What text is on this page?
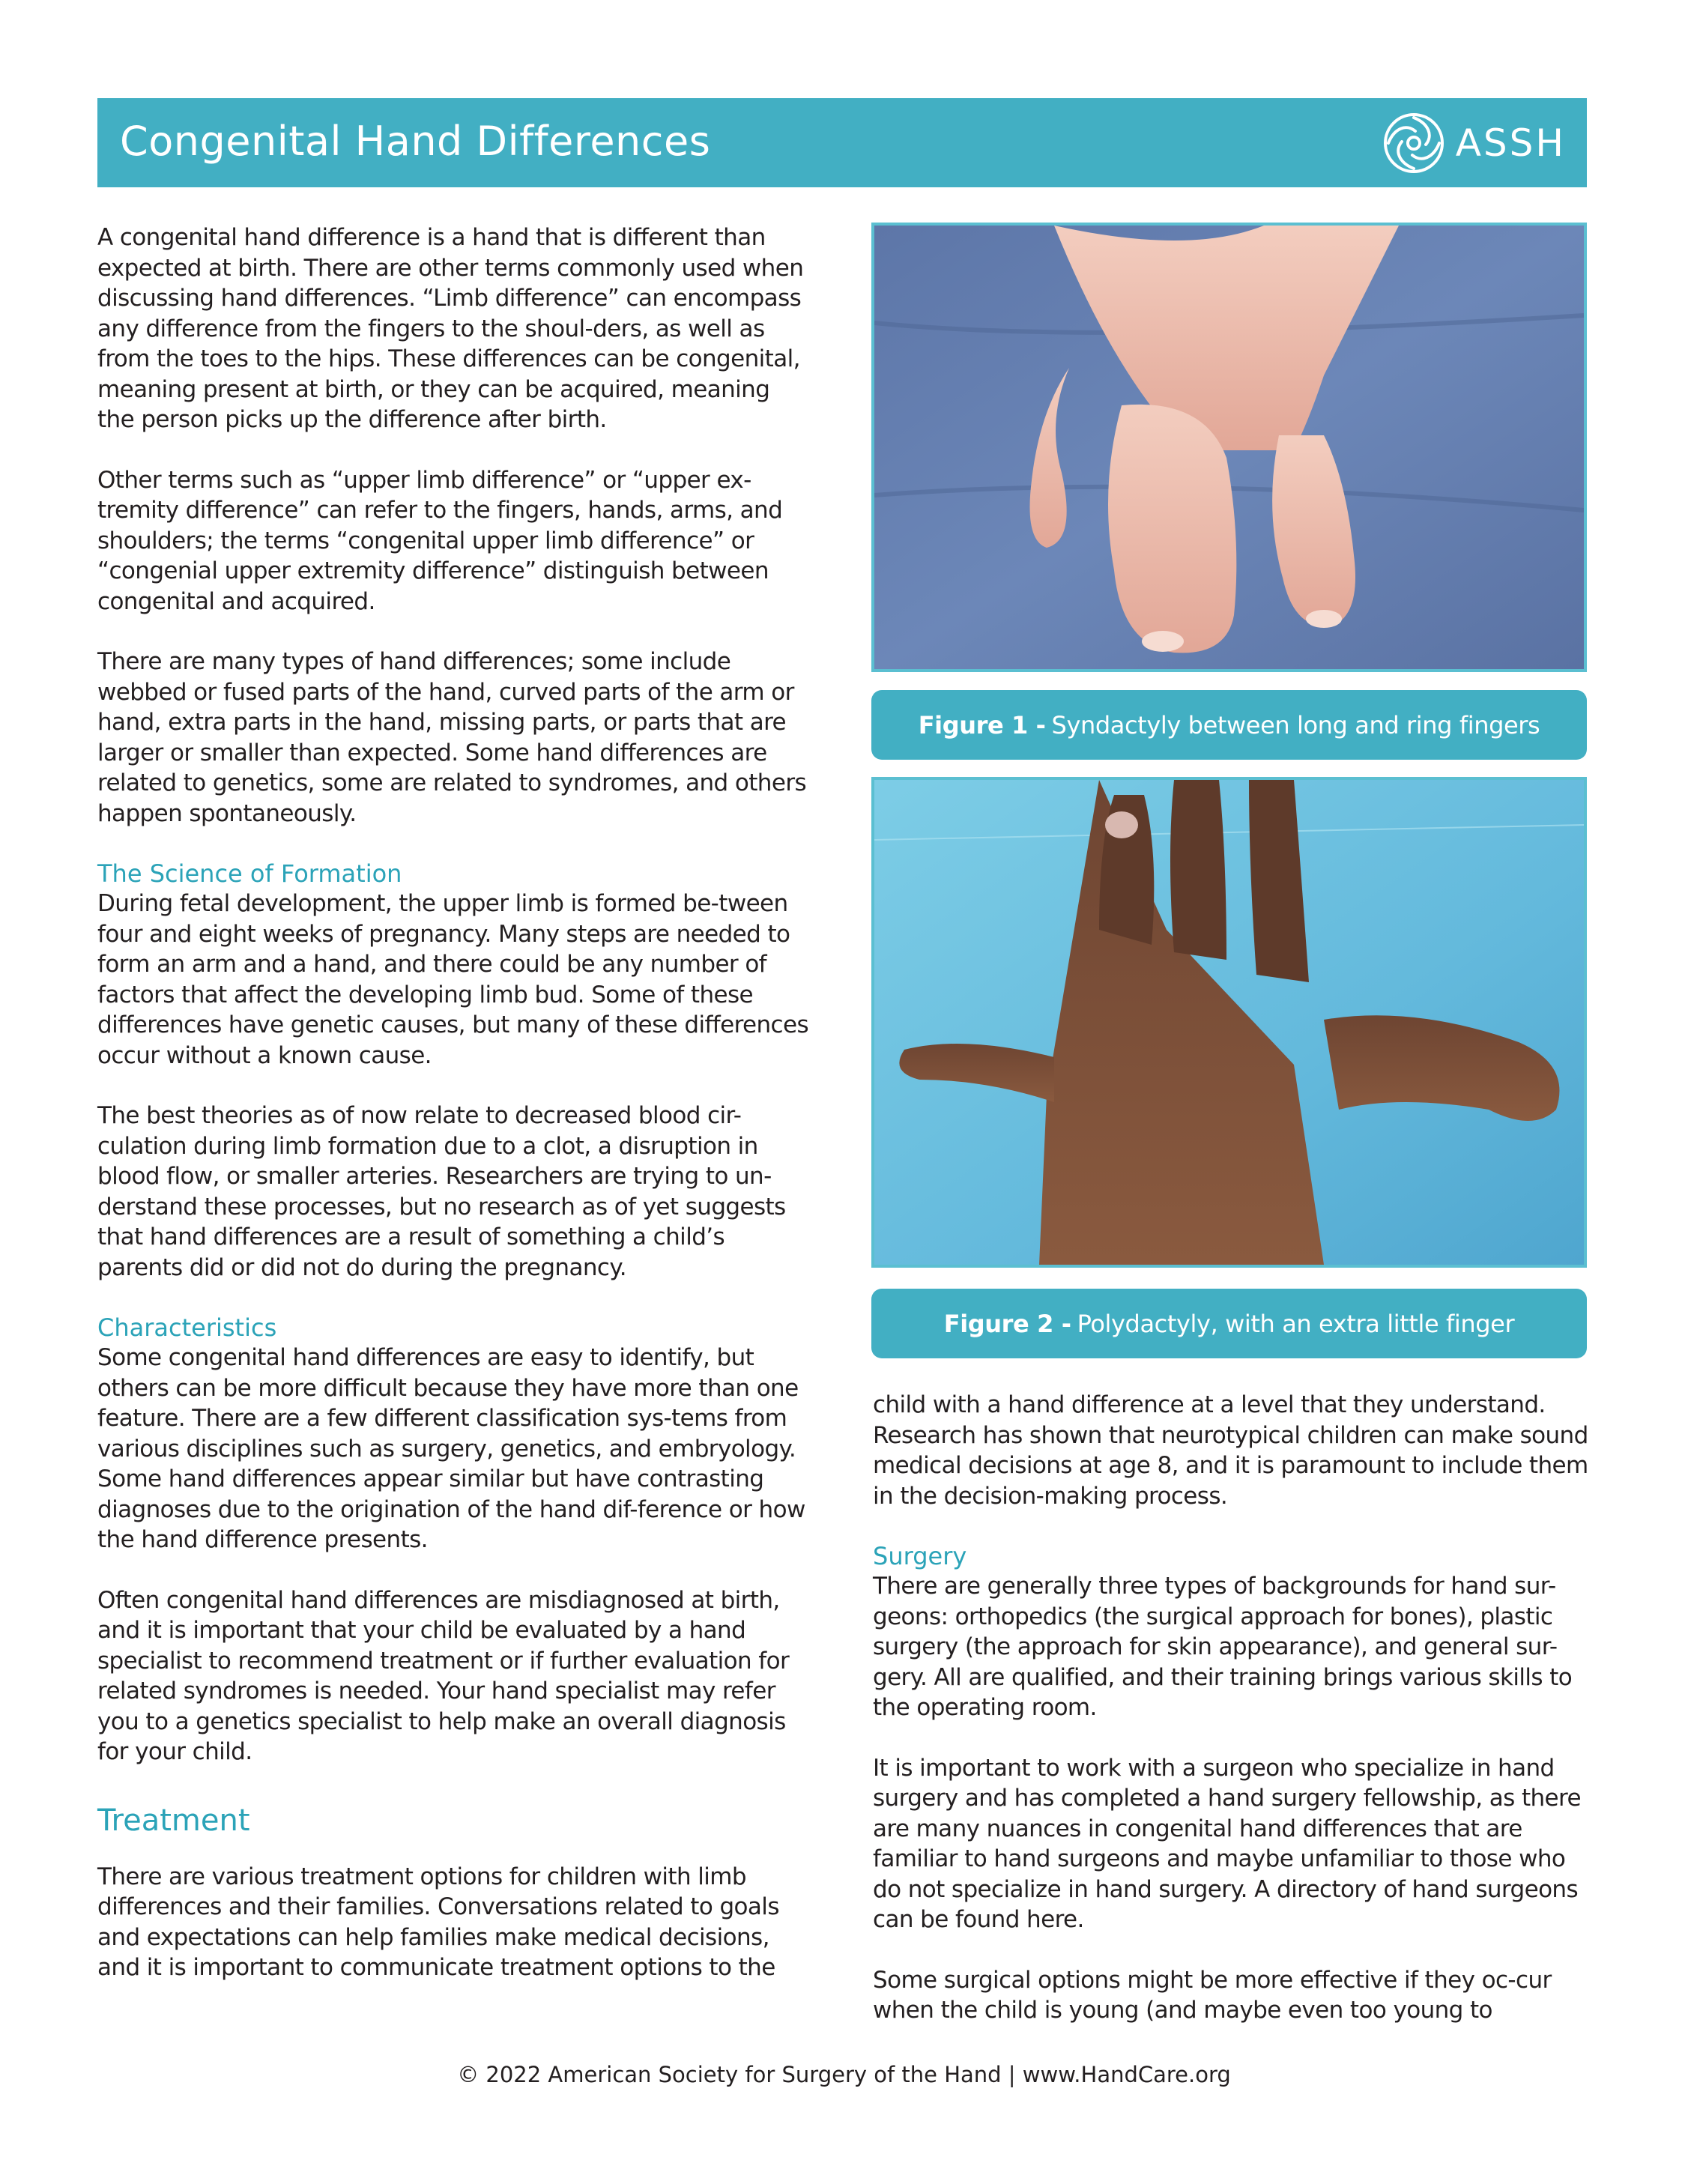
Congenital Hand Differences	ASSH

A congenital hand difference is a hand that is different than expected at birth. There are other terms commonly used when discussing hand differences. “Limb difference” can encompass any difference from the fingers to the shoul-ders, as well as from the toes to the hips. These differences can be congenital, meaning present at birth, or they can be acquired, meaning the person picks up the difference after birth.

Other terms such as “upper limb difference” or “upper ex-tremity difference” can refer to the fingers, hands, arms, and shoulders; the terms “congenital upper limb difference” or “congenial upper extremity difference” distinguish between congenital and acquired.

There are many types of hand differences; some include webbed or fused parts of the hand, curved parts of the arm or hand, extra parts in the hand, missing parts, or parts that are larger or smaller than expected. Some hand differences are related to genetics, some are related to syndromes, and others happen spontaneously.

The Science of Formation

During fetal development, the upper limb is formed be-tween four and eight weeks of pregnancy. Many steps are needed to form an arm and a hand, and there could be any number of factors that affect the developing limb bud. Some of these differences have genetic causes, but many of these differences occur without a known cause.

The best theories as of now relate to decreased blood cir-culation during limb formation due to a clot, a disruption in blood flow, or smaller arteries. Researchers are trying to un-derstand these processes, but no research as of yet suggests that hand differences are a result of something a child’s parents did or did not do during the pregnancy.

Characteristics

Some congenital hand differences are easy to identify, but others can be more difficult because they have more than one feature. There are a few different classification sys-tems from various disciplines such as surgery, genetics, and embryology. Some hand differences appear similar but have contrasting diagnoses due to the origination of the hand dif-ference or how the hand difference presents.

Often congenital hand differences are misdiagnosed at birth, and it is important that your child be evaluated by a hand specialist to recommend treatment or if further evaluation for related syndromes is needed. Your hand specialist may refer you to a genetics specialist to help make an overall diagnosis for your child.

Treatment

There are various treatment options for children with limb differences and their families. Conversations related to goals and expectations can help families make medical decisions, and it is important to communicate treatment options to the

Figure 1 - Syndactyly between long and ring fingers
Figure 2 - Polydactyly, with an extra little finger

child with a hand difference at a level that they understand. Research has shown that neurotypical children can make sound medical decisions at age 8, and it is paramount to include them in the decision-making process.

Surgery

There are generally three types of backgrounds for hand sur-geons: orthopedics (the surgical approach for bones), plastic surgery (the approach for skin appearance), and general sur-gery. All are qualified, and their training brings various skills to the operating room.

It is important to work with a surgeon who specialize in hand surgery and has completed a hand surgery fellowship, as there are many nuances in congenital hand differences that are familiar to hand surgeons and maybe unfamiliar to those who do not specialize in hand surgery. A directory of hand surgeons can be found here.

Some surgical options might be more effective if they oc-cur when the child is young (and maybe even too young to

© 2022 American Society for Surgery of the Hand | www.HandCare.org
